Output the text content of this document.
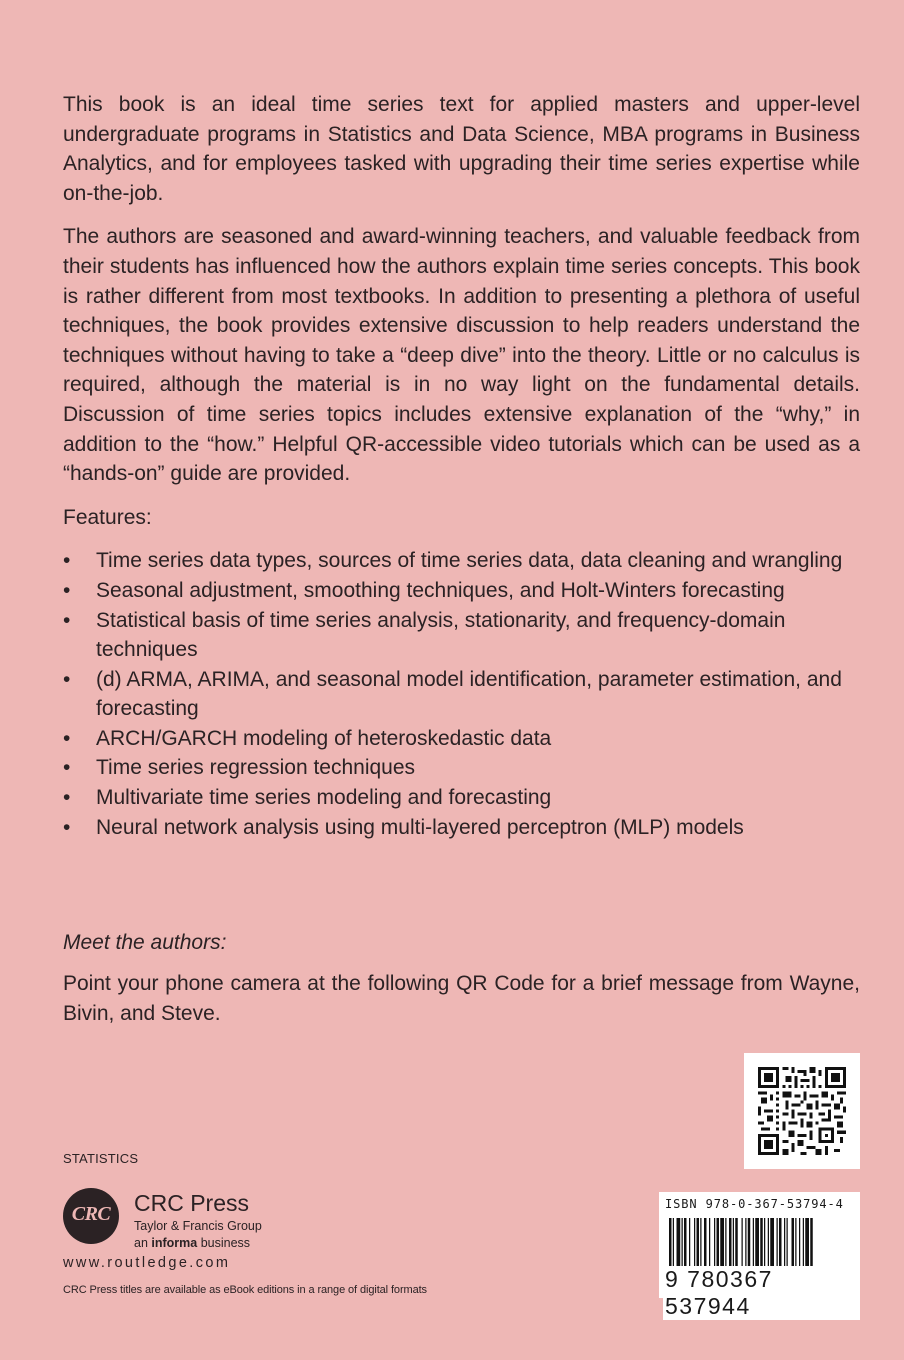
This book is an ideal time series text for applied masters and upper-level undergraduate programs in Statistics and Data Science, MBA programs in Business Analytics, and for employees tasked with upgrading their time series expertise while on-the-job.

The authors are seasoned and award-winning teachers, and valuable feedback from their students has influenced how the authors explain time series concepts. This book is rather different from most textbooks. In addition to presenting a plethora of useful techniques, the book provides extensive discussion to help readers understand the techniques without having to take a “deep dive” into the theory. Little or no calculus is required, although the material is in no way light on the fundamental details. Discussion of time series topics includes extensive explanation of the “why,” in addition to the “how.” Helpful QR-accessible video tutorials which can be used as a “hands-on” guide are provided.

Features:

• Time series data types, sources of time series data, data cleaning and wrangling
• Seasonal adjustment, smoothing techniques, and Holt-Winters forecasting
• Statistical basis of time series analysis, stationarity, and frequency-domain techniques
• (d) ARMA, ARIMA, and seasonal model identification, parameter estimation, and forecasting
• ARCH/GARCH modeling of heteroskedastic data
• Time series regression techniques
• Multivariate time series modeling and forecasting
• Neural network analysis using multi-layered perceptron (MLP) models
Meet the authors:
Point your phone camera at the following QR Code for a brief message from Wayne, Bivin, and Steve.
STATISTICS
CRC	CRC Press
Taylor & Francis Group
an informa business
www.routledge.com
CRC Press titles are available as eBook editions in a range of digital formats
ISBN 978-0-367-53794-4
9 780367 537944
